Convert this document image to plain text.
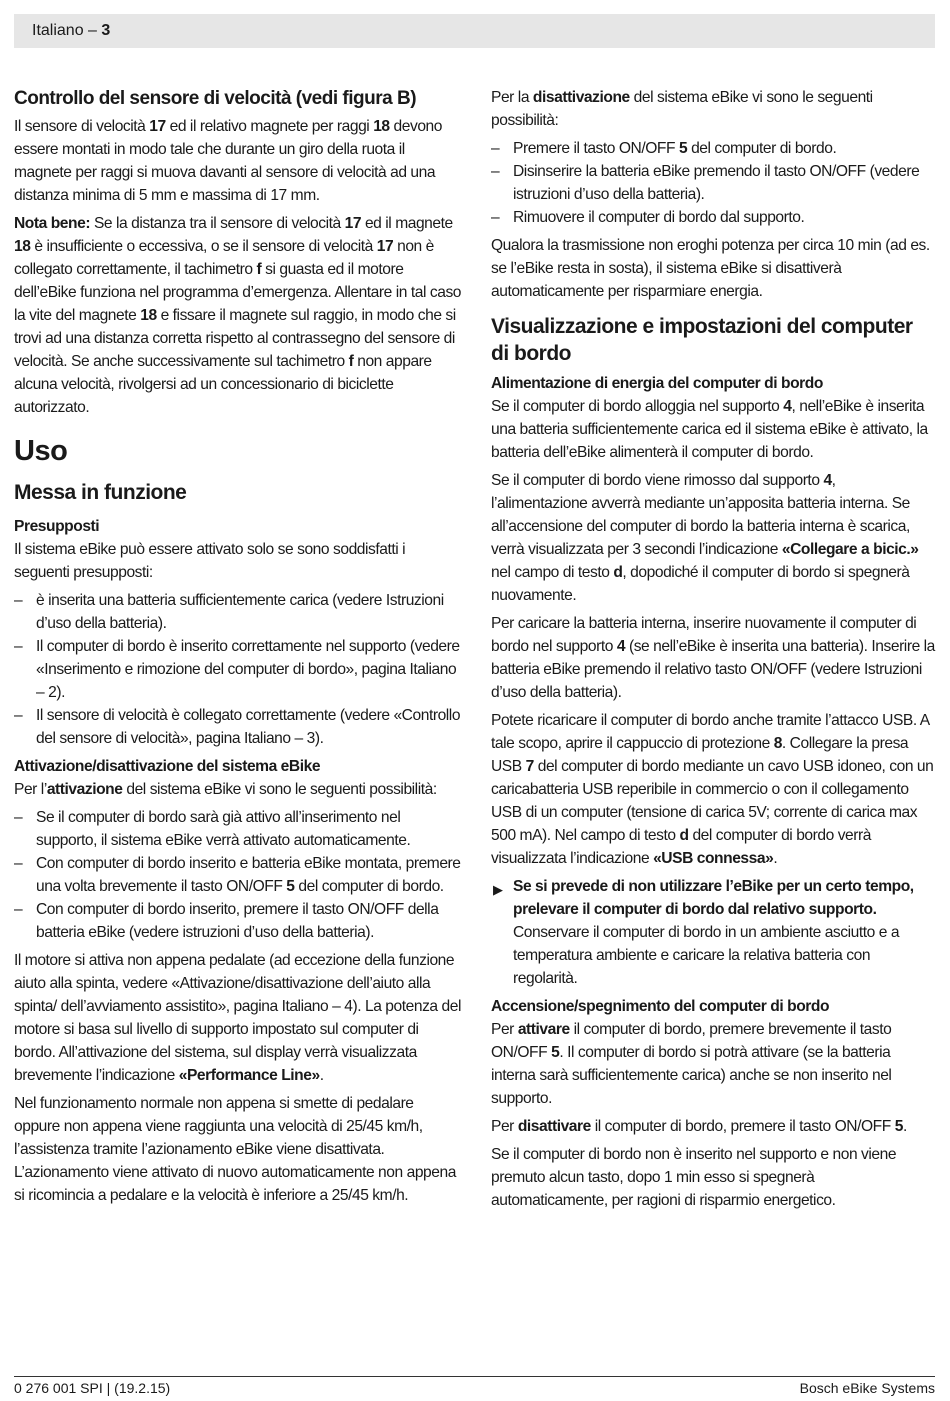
Italiano – 3
Controllo del sensore di velocità (vedi figura B)

Il sensore di velocità 17 ed il relativo magnete per raggi 18 devono essere montati in modo tale che durante un giro della ruota il magnete per raggi si muova davanti al sensore di velocità ad una distanza minima di 5 mm e massima di 17 mm.

Nota bene: Se la distanza tra il sensore di velocità 17 ed il magnete 18 è insufficiente o eccessiva, o se il sensore di velocità 17 non è collegato correttamente, il tachimetro f si guasta ed il motore dell’eBike funziona nel programma d’emergenza. Allentare in tal caso la vite del magnete 18 e fissare il magnete sul raggio, in modo che si trovi ad una distanza corretta rispetto al contrassegno del sensore di velocità. Se anche successivamente sul tachimetro f non appare alcuna velocità, rivolgersi ad un concessionario di biciclette autorizzato.

Uso
Messa in funzione
Presupposti

Il sistema eBike può essere attivato solo se sono soddisfatti i seguenti presupposti:

– è inserita una batteria sufficientemente carica (vedere Istruzioni d’uso della batteria).
– Il computer di bordo è inserito correttamente nel supporto (vedere «Inserimento e rimozione del computer di bordo», pagina Italiano – 2).
– Il sensore di velocità è collegato correttamente (vedere «Controllo del sensore di velocità», pagina Italiano – 3).
Attivazione/disattivazione del sistema eBike

Per l’attivazione del sistema eBike vi sono le seguenti possibilità:

– Se il computer di bordo sarà già attivo all’inserimento nel supporto, il sistema eBike verrà attivato automaticamente.
– Con computer di bordo inserito e batteria eBike montata, premere una volta brevemente il tasto ON/OFF 5 del computer di bordo.
– Con computer di bordo inserito, premere il tasto ON/OFF della batteria eBike (vedere istruzioni d’uso della batteria).

Il motore si attiva non appena pedalate (ad eccezione della funzione aiuto alla spinta, vedere «Attivazione/disattivazione dell’aiuto alla spinta/ dell’avviamento assistito», pagina Italiano – 4). La potenza del motore si basa sul livello di supporto impostato sul computer di bordo. All’attivazione del sistema, sul display verrà visualizzata brevemente l’indicazione «Performance Line».

Nel funzionamento normale non appena si smette di pedalare oppure non appena viene raggiunta una velocità di 25/45 km/h, l’assistenza tramite l’azionamento eBike viene disattivata. L’azionamento viene attivato di nuovo automaticamente non appena si ricomincia a pedalare e la velocità è inferiore a 25/45 km/h.

Per la disattivazione del sistema eBike vi sono le seguenti possibilità:

– Premere il tasto ON/OFF 5 del computer di bordo.
– Disinserire la batteria eBike premendo il tasto ON/OFF (vedere istruzioni d’uso della batteria).
– Rimuovere il computer di bordo dal supporto.

Qualora la trasmissione non eroghi potenza per circa 10 min (ad es. se l’eBike resta in sosta), il sistema eBike si disattiverà automaticamente per risparmiare energia.

Visualizzazione e impostazioni del computer di bordo
Alimentazione di energia del computer di bordo

Se il computer di bordo alloggia nel supporto 4, nell’eBike è inserita una batteria sufficientemente carica ed il sistema eBike è attivato, la batteria dell’eBike alimenterà il computer di bordo.

Se il computer di bordo viene rimosso dal supporto 4, l’alimentazione avverrà mediante un’apposita batteria interna. Se all’accensione del computer di bordo la batteria interna è scarica, verrà visualizzata per 3 secondi l’indicazione «Collegare a bicic.» nel campo di testo d, dopodiché il computer di bordo si spegnerà nuovamente.

Per caricare la batteria interna, inserire nuovamente il computer di bordo nel supporto 4 (se nell’eBike è inserita una batteria). Inserire la batteria eBike premendo il relativo tasto ON/OFF (vedere Istruzioni d’uso della batteria).

Potete ricaricare il computer di bordo anche tramite l’attacco USB. A tale scopo, aprire il cappuccio di protezione 8. Collegare la presa USB 7 del computer di bordo mediante un cavo USB idoneo, con un caricabatteria USB reperibile in commercio o con il collegamento USB di un computer (tensione di carica 5V; corrente di carica max 500 mA). Nel campo di testo d del computer di bordo verrà visualizzata l’indicazione «USB connessa».

▶ Se si prevede di non utilizzare l’eBike per un certo tempo, prelevare il computer di bordo dal relativo supporto. Conservare il computer di bordo in un ambiente asciutto e a temperatura ambiente e caricare la relativa batteria con regolarità.
Accensione/spegnimento del computer di bordo

Per attivare il computer di bordo, premere brevemente il tasto ON/OFF 5. Il computer di bordo si potrà attivare (se la batteria interna sarà sufficientemente carica) anche se non inserito nel supporto.

Per disattivare il computer di bordo, premere il tasto ON/OFF 5.

Se il computer di bordo non è inserito nel supporto e non viene premuto alcun tasto, dopo 1 min esso si spegnerà automaticamente, per ragioni di risparmio energetico.

0 276 001 SPI | (19.2.15)	Bosch eBike Systems
